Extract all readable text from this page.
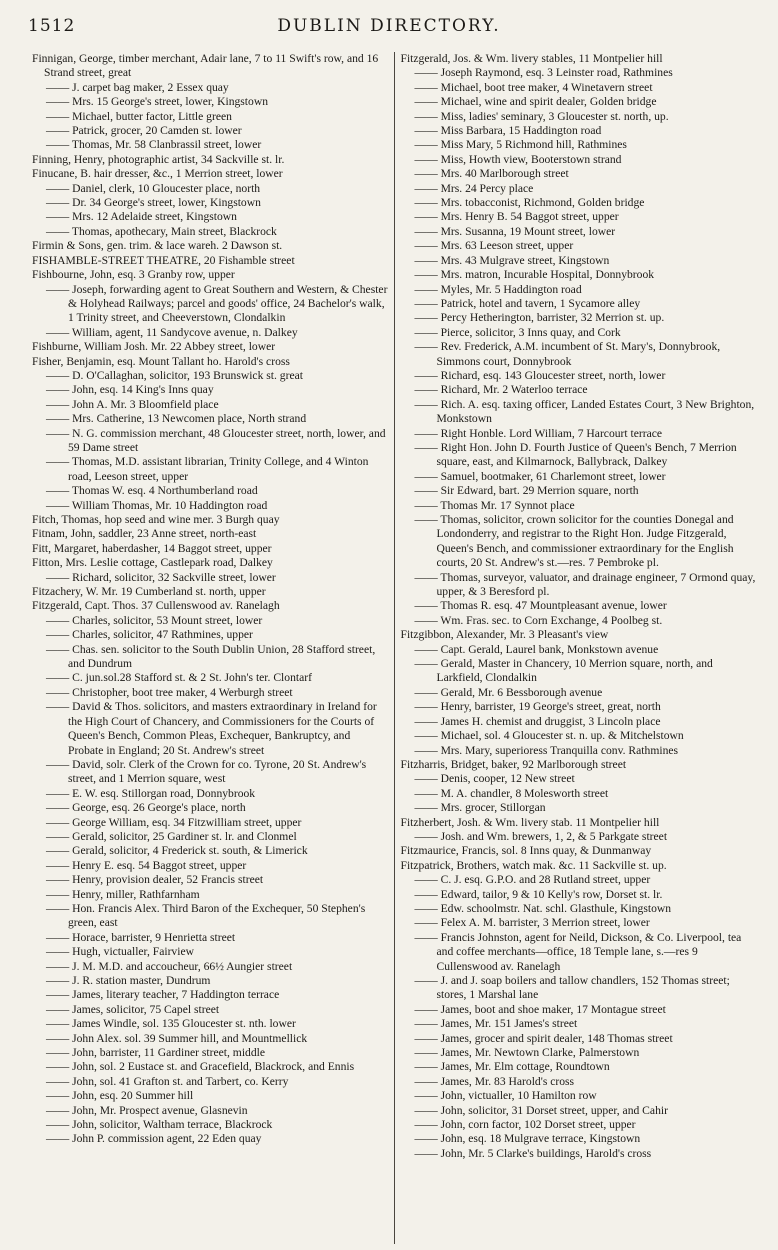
1512	DUBLIN DIRECTORY.
Finnigan, George, timber merchant, Adair lane, 7 to 11 Swift's row, and 16 Strand street, great
—— J. carpet bag maker, 2 Essex quay
—— Mrs. 15 George's street, lower, Kingstown
—— Michael, butter factor, Little green
—— Patrick, grocer, 20 Camden st. lower
—— Thomas, Mr. 58 Clanbrassil street, lower
Finning, Henry, photographic artist, 34 Sackville st. lr.
Finucane, B. hair dresser, &c., 1 Merrion street, lower
—— Daniel, clerk, 10 Gloucester place, north
—— Dr. 34 George's street, lower, Kingstown
—— Mrs. 12 Adelaide street, Kingstown
—— Thomas, apothecary, Main street, Blackrock
Firmin & Sons, gen. trim. & lace wareh. 2 Dawson st.
FISHAMBLE-STREET THEATRE, 20 Fishamble street
Fishbourne, John, esq. 3 Granby row, upper
—— Joseph, forwarding agent to Great Southern and Western, & Chester & Holyhead Railways; parcel and goods' office, 24 Bachelor's walk, 1 Trinity street, and Cheeverstown, Clondalkin
—— William, agent, 11 Sandycove avenue, n. Dalkey
Fishburne, William Josh. Mr. 22 Abbey street, lower
Fisher, Benjamin, esq. Mount Tallant ho. Harold's cross
—— D. O'Callaghan, solicitor, 193 Brunswick st. great
—— John, esq. 14 King's Inns quay
—— John A. Mr. 3 Bloomfield place
—— Mrs. Catherine, 13 Newcomen place, North strand
—— N. G. commission merchant, 48 Gloucester street, north, lower, and 59 Dame street
—— Thomas, M.D. assistant librarian, Trinity College, and 4 Winton road, Leeson street, upper
—— Thomas W. esq. 4 Northumberland road
—— William Thomas, Mr. 10 Haddington road
Fitch, Thomas, hop seed and wine mer. 3 Burgh quay
Fitnam, John, saddler, 23 Anne street, north-east
Fitt, Margaret, haberdasher, 14 Baggot street, upper
Fitton, Mrs. Leslie cottage, Castlepark road, Dalkey
—— Richard, solicitor, 32 Sackville street, lower
Fitzachery, W. Mr. 19 Cumberland st. north, upper
Fitzgerald, Capt. Thos. 37 Cullenswood av. Ranelagh
—— Charles, solicitor, 53 Mount street, lower
—— Charles, solicitor, 47 Rathmines, upper
—— Chas. sen. solicitor to the South Dublin Union, 28 Stafford street, and Dundrum
—— C. jun.sol.28 Stafford st. & 2 St. John's ter. Clontarf
—— Christopher, boot tree maker, 4 Werburgh street
—— David & Thos. solicitors, and masters extraordinary in Ireland for the High Court of Chancery, and Commissioners for the Courts of Queen's Bench, Common Pleas, Exchequer, Bankruptcy, and Probate in England; 20 St. Andrew's street
—— David, solr. Clerk of the Crown for co. Tyrone, 20 St. Andrew's street, and 1 Merrion square, west
—— E. W. esq. Stillorgan road, Donnybrook
—— George, esq. 26 George's place, north
—— George William, esq. 34 Fitzwilliam street, upper
—— Gerald, solicitor, 25 Gardiner st. lr. and Clonmel
—— Gerald, solicitor, 4 Frederick st. south, & Limerick
—— Henry E. esq. 54 Baggot street, upper
—— Henry, provision dealer, 52 Francis street
—— Henry, miller, Rathfarnham
—— Hon. Francis Alex. Third Baron of the Exchequer, 50 Stephen's green, east
—— Horace, barrister, 9 Henrietta street
—— Hugh, victualler, Fairview
—— J. M. M.D. and accoucheur, 66½ Aungier street
—— J. R. station master, Dundrum
—— James, literary teacher, 7 Haddington terrace
—— James, solicitor, 75 Capel street
—— James Windle, sol. 135 Gloucester st. nth. lower
—— John Alex. sol. 39 Summer hill, and Mountmellick
—— John, barrister, 11 Gardiner street, middle
—— John, sol. 2 Eustace st. and Gracefield, Blackrock, and Ennis
—— John, sol. 41 Grafton st. and Tarbert, co. Kerry
—— John, esq. 20 Summer hill
—— John, Mr. Prospect avenue, Glasnevin
—— John, solicitor, Waltham terrace, Blackrock
—— John P. commission agent, 22 Eden quay
Fitzgerald, Jos. & Wm. livery stables, 11 Montpelier hill
—— Joseph Raymond, esq. 3 Leinster road, Rathmines
—— Michael, boot tree maker, 4 Winetavern street
—— Michael, wine and spirit dealer, Golden bridge
—— Miss, ladies' seminary, 3 Gloucester st. north, up.
—— Miss Barbara, 15 Haddington road
—— Miss Mary, 5 Richmond hill, Rathmines
—— Miss, Howth view, Booterstown strand
—— Mrs. 40 Marlborough street
—— Mrs. 24 Percy place
—— Mrs. tobacconist, Richmond, Golden bridge
—— Mrs. Henry B. 54 Baggot street, upper
—— Mrs. Susanna, 19 Mount street, lower
—— Mrs. 63 Leeson street, upper
—— Mrs. 43 Mulgrave street, Kingstown
—— Mrs. matron, Incurable Hospital, Donnybrook
—— Myles, Mr. 5 Haddington road
—— Patrick, hotel and tavern, 1 Sycamore alley
—— Percy Hetherington, barrister, 32 Merrion st. up.
—— Pierce, solicitor, 3 Inns quay, and Cork
—— Rev. Frederick, A.M. incumbent of St. Mary's, Donnybrook, Simmons court, Donnybrook
—— Richard, esq. 143 Gloucester street, north, lower
—— Richard, Mr. 2 Waterloo terrace
—— Rich. A. esq. taxing officer, Landed Estates Court, 3 New Brighton, Monkstown
—— Right Honble. Lord William, 7 Harcourt terrace
—— Right Hon. John D. Fourth Justice of Queen's Bench, 7 Merrion square, east, and Kilmarnock, Ballybrack, Dalkey
—— Samuel, bootmaker, 61 Charlemont street, lower
—— Sir Edward, bart. 29 Merrion square, north
—— Thomas Mr. 17 Synnot place
—— Thomas, solicitor, crown solicitor for the counties Donegal and Londonderry, and registrar to the Right Hon. Judge Fitzgerald, Queen's Bench, and commissioner extraordinary for the English courts, 20 St. Andrew's st.—res. 7 Pembroke pl.
—— Thomas, surveyor, valuator, and drainage engineer, 7 Ormond quay, upper, & 3 Beresford pl.
—— Thomas R. esq. 47 Mountpleasant avenue, lower
—— Wm. Fras. sec. to Corn Exchange, 4 Poolbeg st.
Fitzgibbon, Alexander, Mr. 3 Pleasant's view
—— Capt. Gerald, Laurel bank, Monkstown avenue
—— Gerald, Master in Chancery, 10 Merrion square, north, and Larkfield, Clondalkin
—— Gerald, Mr. 6 Bessborough avenue
—— Henry, barrister, 19 George's street, great, north
—— James H. chemist and druggist, 3 Lincoln place
—— Michael, sol. 4 Gloucester st. n. up. & Mitchelstown
—— Mrs. Mary, superioress Tranquilla conv. Rathmines
Fitzharris, Bridget, baker, 92 Marlborough street
—— Denis, cooper, 12 New street
—— M. A. chandler, 8 Molesworth street
—— Mrs. grocer, Stillorgan
Fitzherbert, Josh. & Wm. livery stab. 11 Montpelier hill
—— Josh. and Wm. brewers, 1, 2, & 5 Parkgate street
Fitzmaurice, Francis, sol. 8 Inns quay, & Dunmanway
Fitzpatrick, Brothers, watch mak. &c. 11 Sackville st. up.
—— C. J. esq. G.P.O. and 28 Rutland street, upper
—— Edward, tailor, 9 & 10 Kelly's row, Dorset st. lr.
—— Edw. schoolmstr. Nat. schl. Glasthule, Kingstown
—— Felex A. M. barrister, 3 Merrion street, lower
—— Francis Johnston, agent for Neild, Dickson, & Co. Liverpool, tea and coffee merchants—office, 18 Temple lane, s.—res 9 Cullenswood av. Ranelagh
—— J. and J. soap boilers and tallow chandlers, 152 Thomas street; stores, 1 Marshal lane
—— James, boot and shoe maker, 17 Montague street
—— James, Mr. 151 James's street
—— James, grocer and spirit dealer, 148 Thomas street
—— James, Mr. Newtown Clarke, Palmerstown
—— James, Mr. Elm cottage, Roundtown
—— James, Mr. 83 Harold's cross
—— John, victualler, 10 Hamilton row
—— John, solicitor, 31 Dorset street, upper, and Cahir
—— John, corn factor, 102 Dorset street, upper
—— John, esq. 18 Mulgrave terrace, Kingstown
—— John, Mr. 5 Clarke's buildings, Harold's cross
